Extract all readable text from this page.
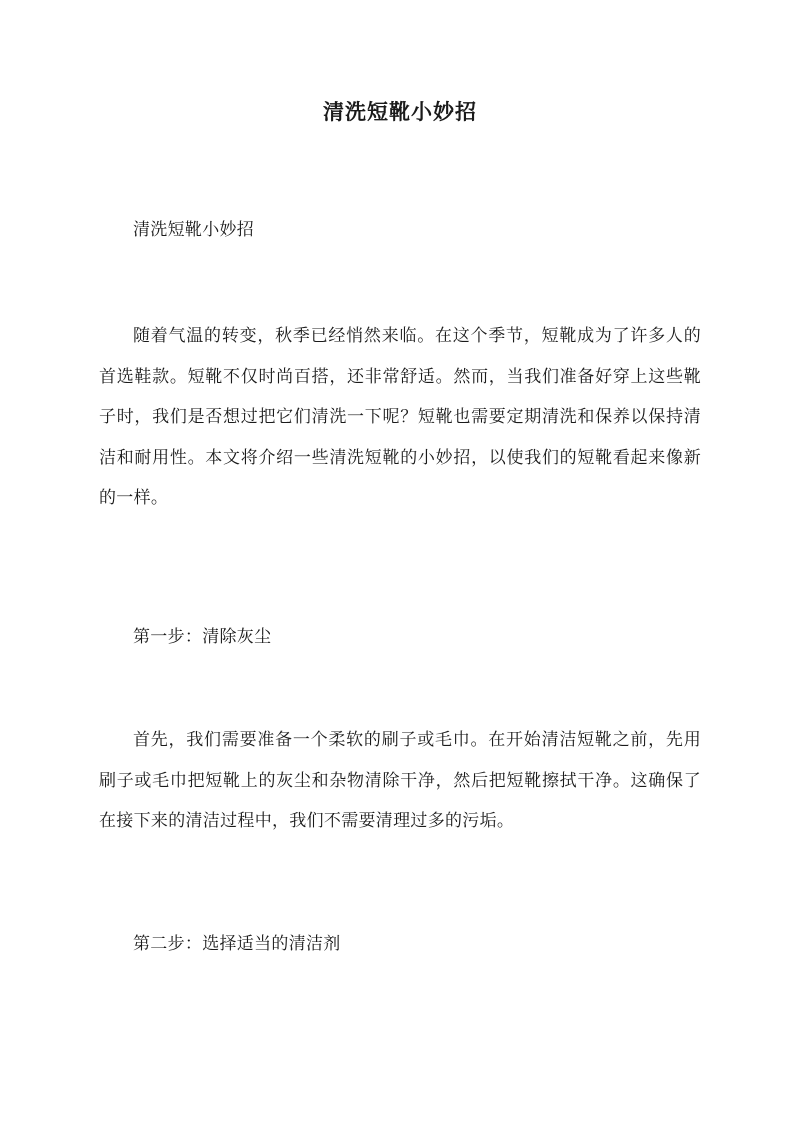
清洗短靴小妙招
清洗短靴小妙招
随着气温的转变，秋季已经悄然来临。在这个季节，短靴成为了许多人的首选鞋款。短靴不仅时尚百搭，还非常舒适。然而，当我们准备好穿上这些靴子时，我们是否想过把它们清洗一下呢？短靴也需要定期清洗和保养以保持清洁和耐用性。本文将介绍一些清洗短靴的小妙招，以使我们的短靴看起来像新的一样。
第一步：清除灰尘
首先，我们需要准备一个柔软的刷子或毛巾。在开始清洁短靴之前，先用刷子或毛巾把短靴上的灰尘和杂物清除干净，然后把短靴擦拭干净。这确保了在接下来的清洁过程中，我们不需要清理过多的污垢。
第二步：选择适当的清洁剂
